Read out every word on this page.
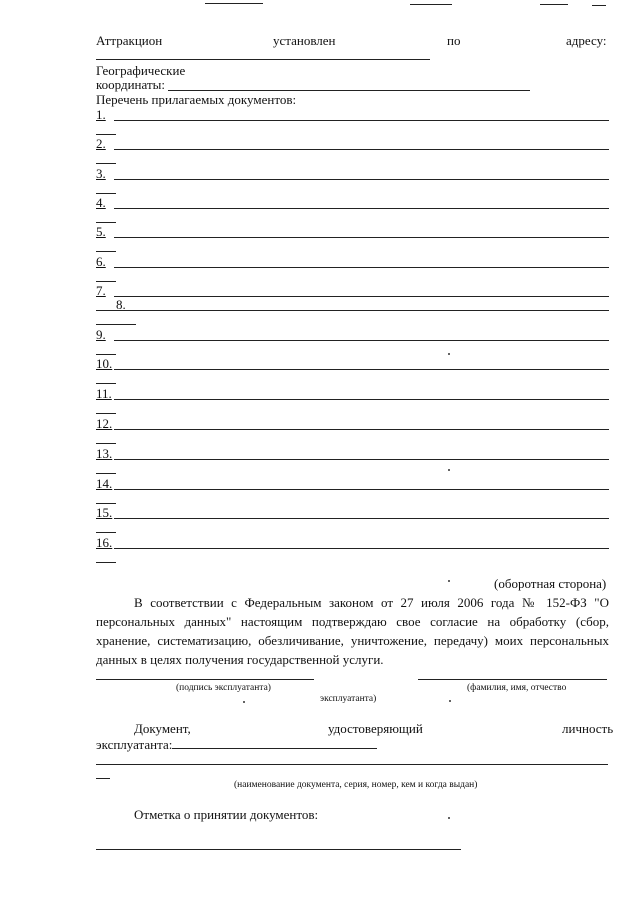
Аттракцион	установлен	по	адресу:
Географические
координаты:
Перечень прилагаемых документов:
1.
2.
3.
4.
5.
6.
7.
8.
9.
10.
11.
12.
13.
14.
15.
16.
(оборотная сторона)
В соответствии с Федеральным законом от 27 июля 2006 года № 152-ФЗ "О персональных данных" настоящим подтверждаю свое согласие на обработку (сбор, хранение, систематизацию, обезличивание, уничтожение, передачу) моих персональных данных в целях получения государственной услуги.
(подпись эксплуатанта)	(фамилия, имя, отчество
эксплуатанта)
Документ,	удостоверяющий	личность
эксплуатанта:
(наименование документа, серия, номер, кем и когда выдан)
Отметка о принятии документов:
